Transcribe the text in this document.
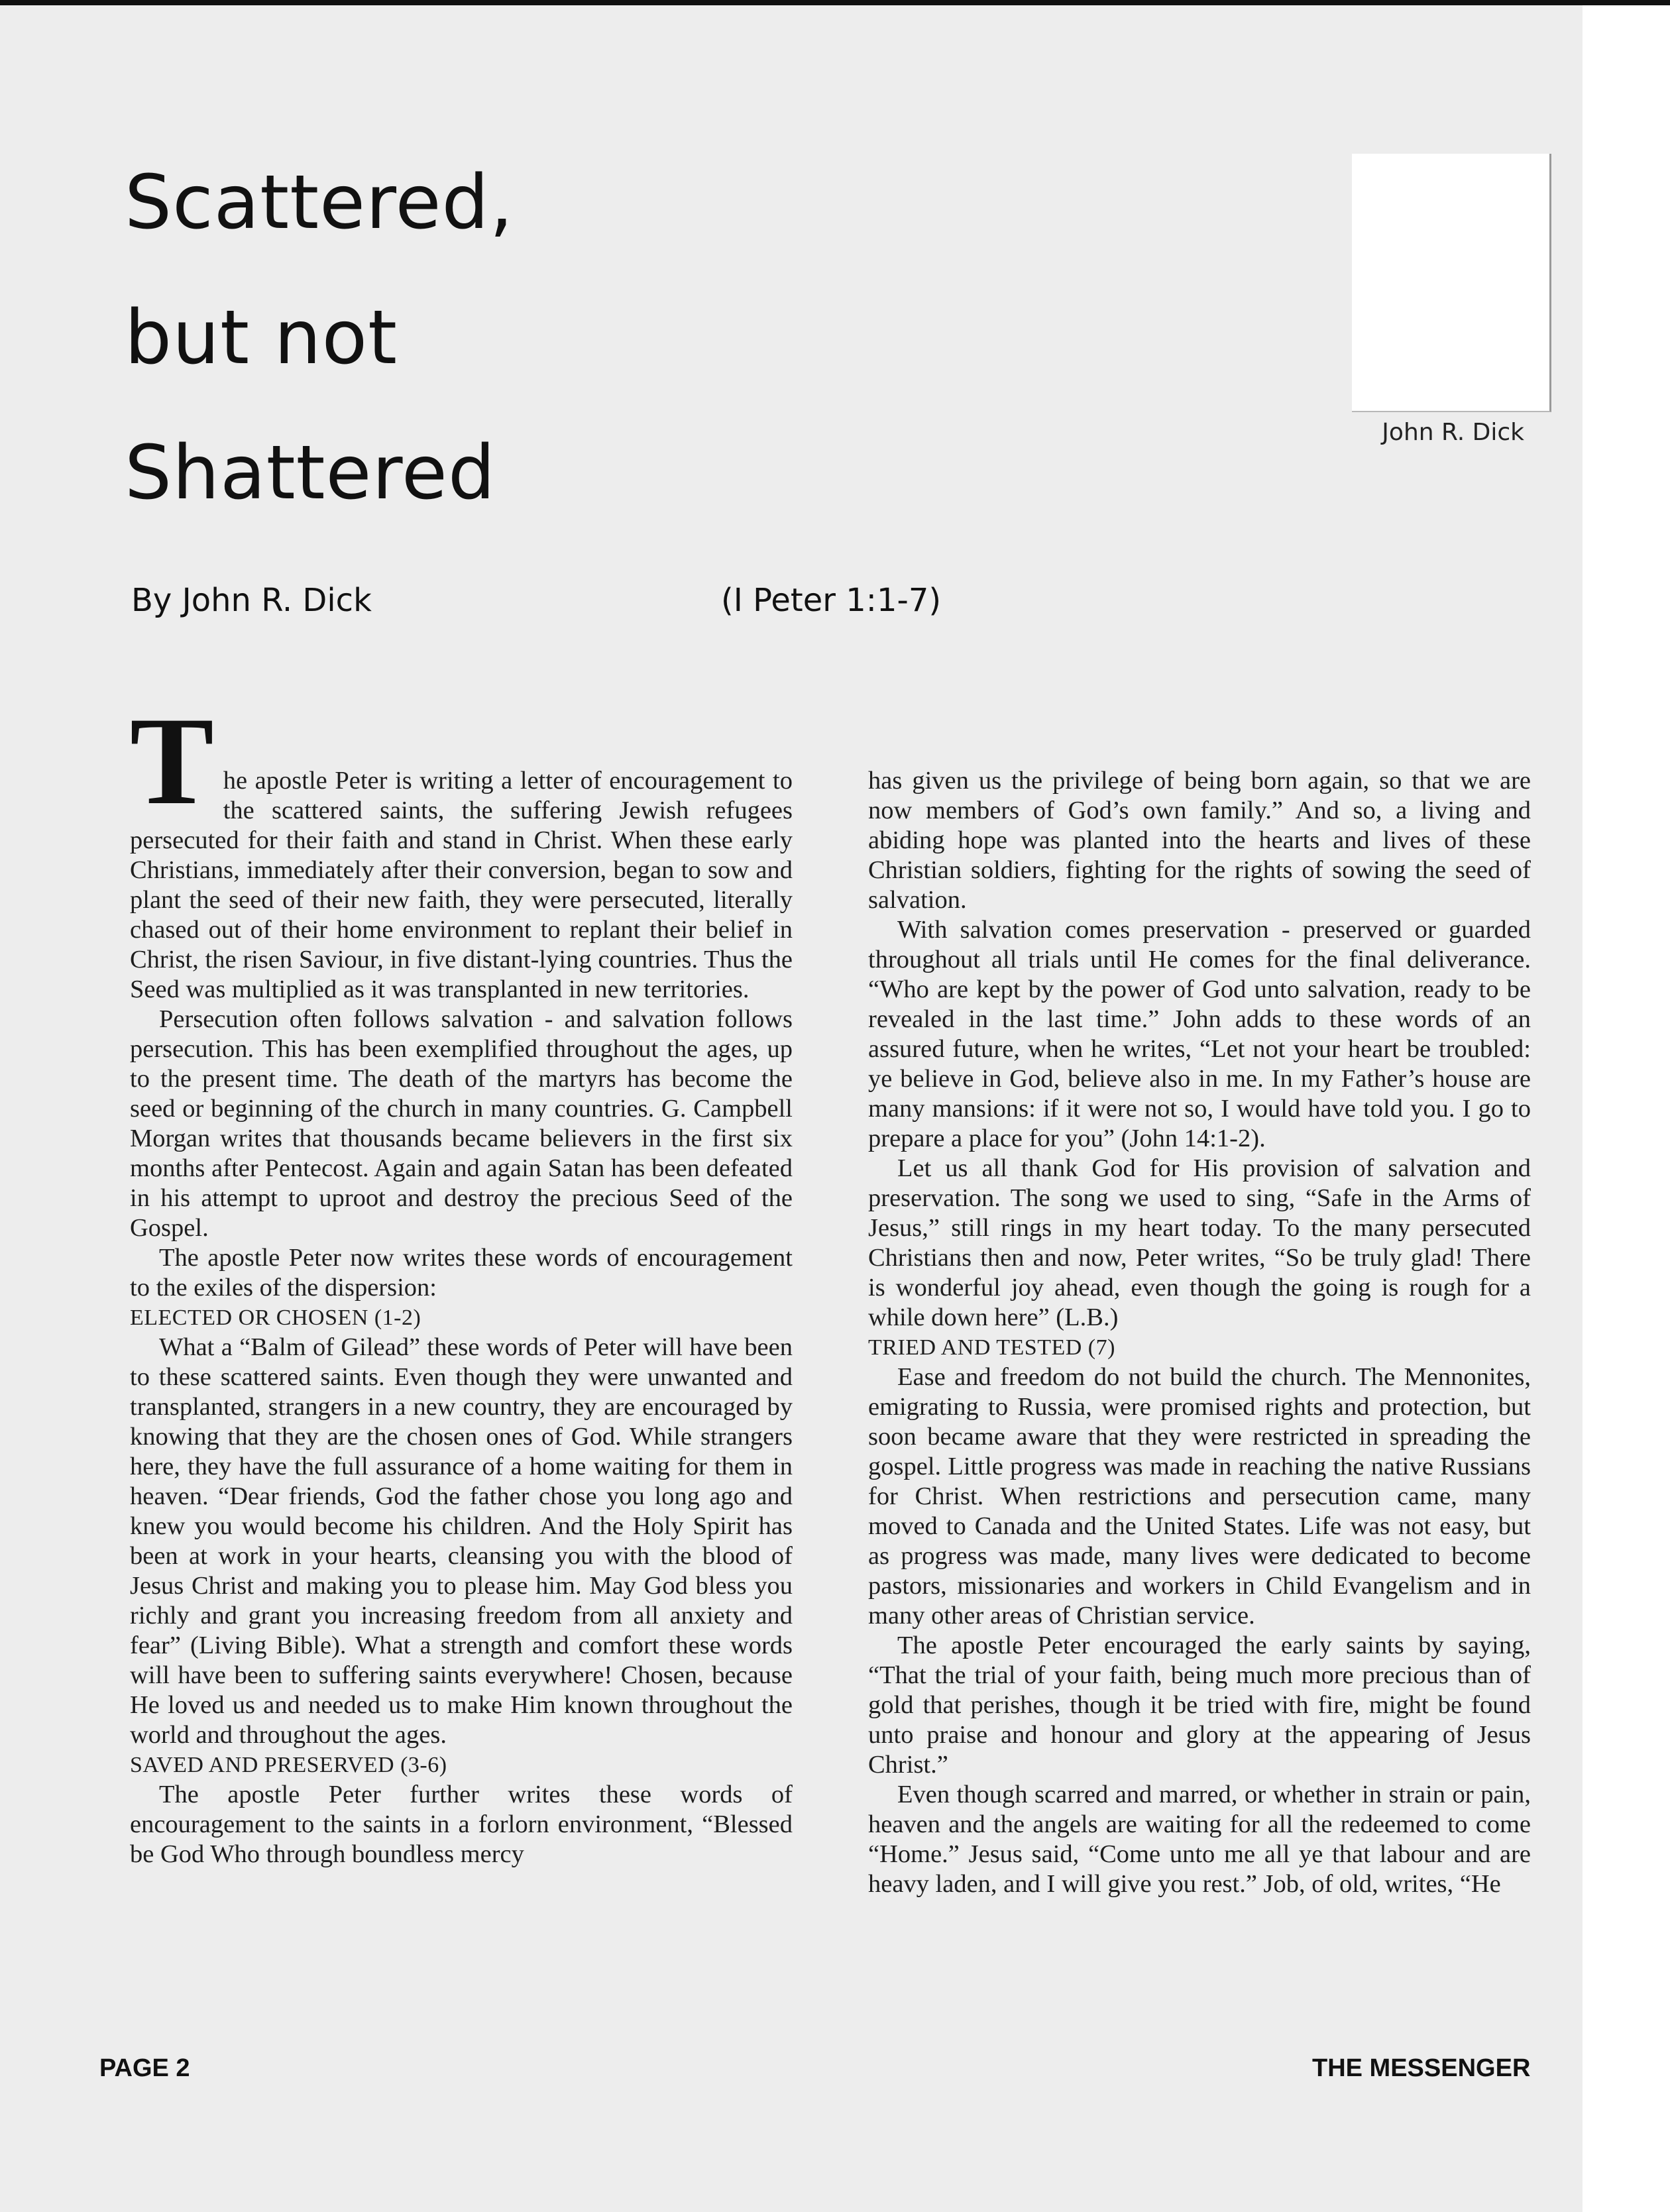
Scattered,
but not
Shattered	John R. Dick
By John R. Dick	(I Peter 1:1-7)

The apostle Peter is writing a letter of encouragement to the scattered saints, the suffering Jewish refugees persecuted for their faith and stand in Christ. When these early Christians, immediately after their conversion, began to sow and plant the seed of their new faith, they were persecuted, literally chased out of their home environment to replant their belief in Christ, the risen Saviour, in five distant-lying countries. Thus the Seed was multiplied as it was transplanted in new territories.

Persecution often follows salvation - and salvation follows persecution. This has been exemplified throughout the ages, up to the present time. The death of the martyrs has become the seed or beginning of the church in many countries. G. Campbell Morgan writes that thousands became believers in the first six months after Pentecost. Again and again Satan has been defeated in his attempt to uproot and destroy the precious Seed of the Gospel.

The apostle Peter now writes these words of encouragement to the exiles of the dispersion:

ELECTED OR CHOSEN (1-2)

What a “Balm of Gilead” these words of Peter will have been to these scattered saints. Even though they were unwanted and transplanted, strangers in a new country, they are encouraged by knowing that they are the chosen ones of God. While strangers here, they have the full assurance of a home waiting for them in heaven. “Dear friends, God the father chose you long ago and knew you would become his children. And the Holy Spirit has been at work in your hearts, cleansing you with the blood of Jesus Christ and making you to please him. May God bless you richly and grant you increasing freedom from all anxiety and fear” (Living Bible). What a strength and comfort these words will have been to suffering saints everywhere! Chosen, because He loved us and needed us to make Him known throughout the world and throughout the ages.

SAVED AND PRESERVED (3-6)

The apostle Peter further writes these words of encouragement to the saints in a forlorn environment, “Blessed be God Who through boundless mercy

has given us the privilege of being born again, so that we are now members of God’s own family.” And so, a living and abiding hope was planted into the hearts and lives of these Christian soldiers, fighting for the rights of sowing the seed of salvation.

With salvation comes preservation - preserved or guarded throughout all trials until He comes for the final deliverance. “Who are kept by the power of God unto salvation, ready to be revealed in the last time.” John adds to these words of an assured future, when he writes, “Let not your heart be troubled: ye believe in God, believe also in me. In my Father’s house are many mansions: if it were not so, I would have told you. I go to prepare a place for you” (John 14:1-2).

Let us all thank God for His provision of salvation and preservation. The song we used to sing, “Safe in the Arms of Jesus,” still rings in my heart today. To the many persecuted Christians then and now, Peter writes, “So be truly glad! There is wonderful joy ahead, even though the going is rough for a while down here” (L.B.)

TRIED AND TESTED (7)

Ease and freedom do not build the church. The Mennonites, emigrating to Russia, were promised rights and protection, but soon became aware that they were restricted in spreading the gospel. Little progress was made in reaching the native Russians for Christ. When restrictions and persecution came, many moved to Canada and the United States. Life was not easy, but as progress was made, many lives were dedicated to become pastors, missionaries and workers in Child Evangelism and in many other areas of Christian service.

The apostle Peter encouraged the early saints by saying, “That the trial of your faith, being much more precious than of gold that perishes, though it be tried with fire, might be found unto praise and honour and glory at the appearing of Jesus Christ.”

Even though scarred and marred, or whether in strain or pain, heaven and the angels are waiting for all the redeemed to come “Home.” Jesus said, “Come unto me all ye that labour and are heavy laden, and I will give you rest.” Job, of old, writes, “He

PAGE 2	THE MESSENGER
